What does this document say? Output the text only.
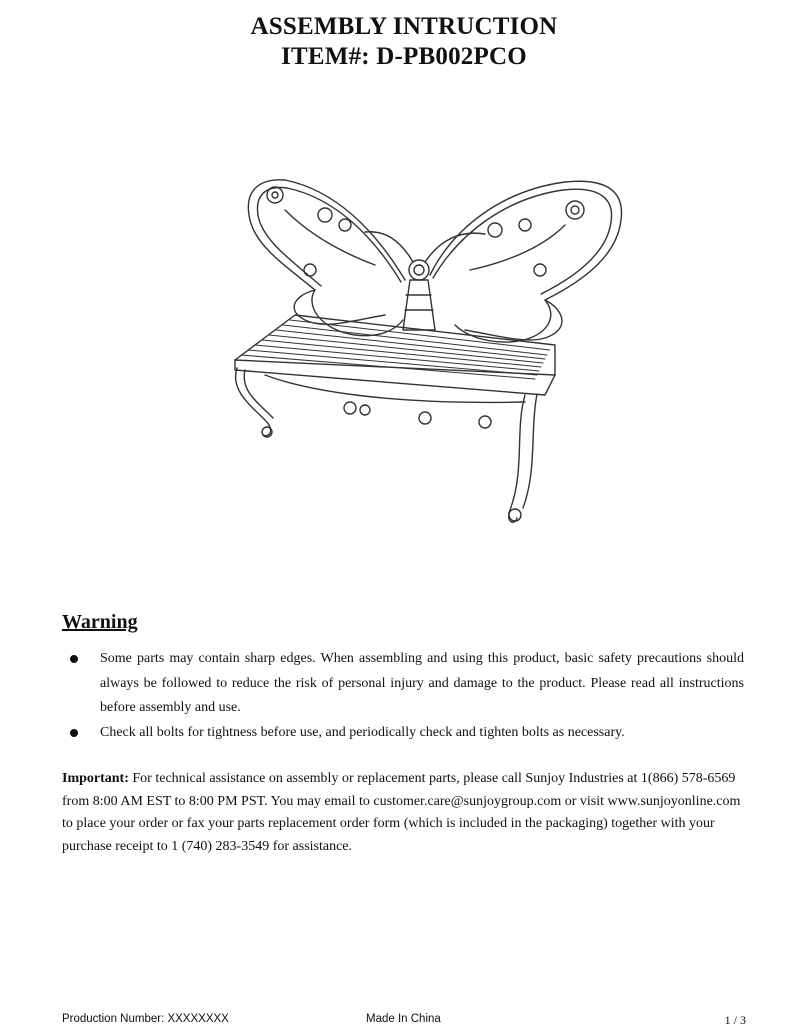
ASSEMBLY INTRUCTION
ITEM#: D-PB002PCO
Warning
Some parts may contain sharp edges. When assembling and using this product, basic safety precautions should always be followed to reduce the risk of personal injury and damage to the product. Please read all instructions before assembly and use.
Check all bolts for tightness before use, and periodically check and tighten bolts as necessary.
Important: For technical assistance on assembly or replacement parts, please call Sunjoy Industries at 1(866) 578-6569 from 8:00 AM EST to 8:00 PM PST. You may email to customer.care@sunjoygroup.com or visit www.sunjoyonline.com to place your order or fax your parts replacement order form (which is included in the packaging) together with your purchase receipt to 1 (740) 283-3549 for assistance.
Production Number: XXXXXXXX	Made In China	1 / 3
